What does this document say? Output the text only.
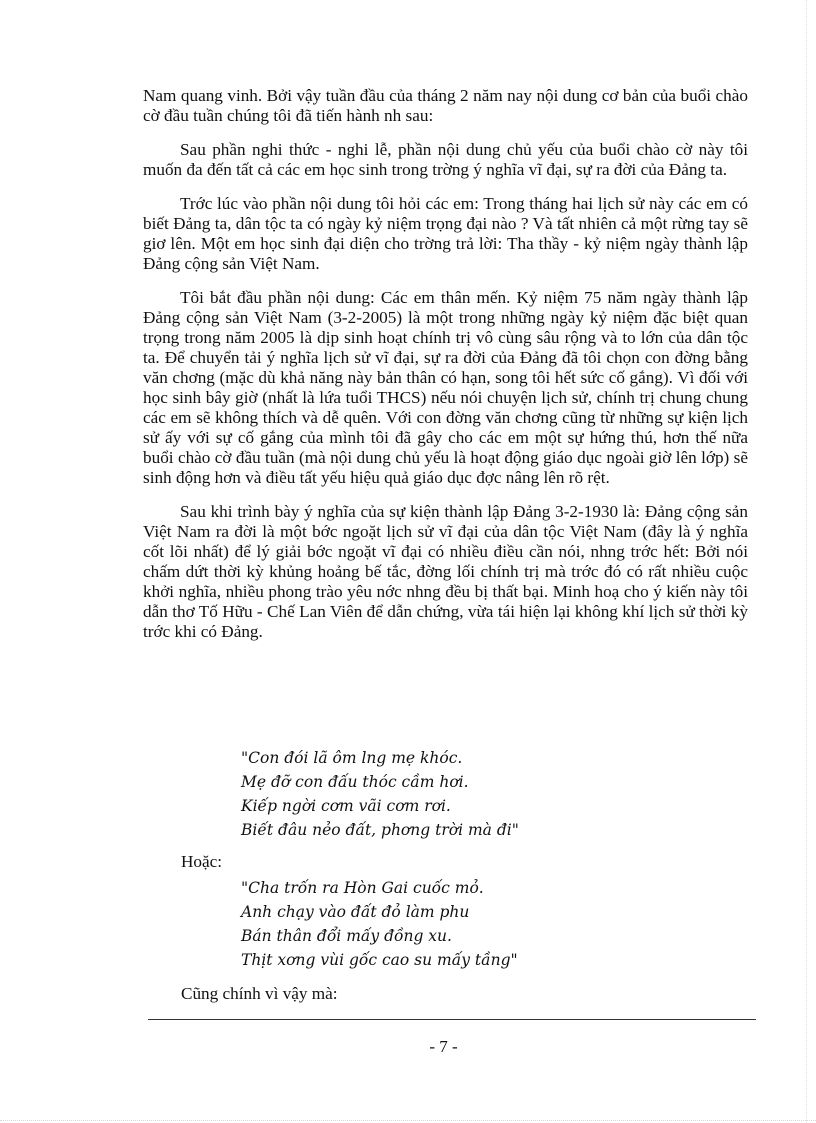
Nam quang vinh. Bởi vậy tuần đầu của tháng 2 năm nay nội dung cơ bản của buổi chào cờ đầu tuần chúng tôi đã tiến hành nh sau:

Sau phần nghi thức - nghi lễ, phần nội dung chủ yếu của buổi chào cờ này tôi muốn đa đến tất cả các em học sinh trong trờng ý nghĩa vĩ đại, sự ra đời của Đảng ta.

Trớc lúc vào phần nội dung tôi hỏi các em: Trong tháng hai lịch sử này các em có biết Đảng ta, dân tộc ta có ngày kỷ niệm trọng đại nào ? Và tất nhiên cả một rừng tay sẽ giơ lên. Một em học sinh đại diện cho trờng trả lời: Tha thầy - kỷ niệm ngày thành lập Đảng cộng sản Việt Nam.

Tôi bắt đầu phần nội dung: Các em thân mến. Kỷ niệm 75 năm ngày thành lập Đảng cộng sản Việt Nam (3-2-2005) là một trong những ngày kỷ niệm đặc biệt quan trọng trong năm 2005 là dịp sinh hoạt chính trị vô cùng sâu rộng và to lớn của dân tộc ta. Để chuyển tải ý nghĩa lịch sử vĩ đại, sự ra đời của Đảng đã tôi chọn con đờng bằng văn chơng (mặc dù khả năng này bản thân có hạn, song tôi hết sức cố gắng). Vì đối với học sinh bây giờ (nhất là lứa tuổi THCS) nếu nói chuyện lịch sử, chính trị chung chung các em sẽ không thích và dễ quên. Với con đờng văn chơng cũng từ những sự kiện lịch sử ấy với sự cố gắng của mình tôi đã gây cho các em một sự hứng thú, hơn thế nữa buổi chào cờ đầu tuần (mà nội dung chủ yếu là hoạt động giáo dục ngoài giờ lên lớp) sẽ sinh động hơn và điều tất yếu hiệu quả giáo dục đợc nâng lên rõ rệt.

Sau khi trình bày ý nghĩa của sự kiện thành lập Đảng 3-2-1930 là: Đảng cộng sản Việt Nam ra đời là một bớc ngoặt lịch sử vĩ đại của dân tộc Việt Nam (đây là ý nghĩa cốt lõi nhất) để lý giải bớc ngoặt vĩ đại có nhiều điều cần nói, nhng trớc hết: Bởi nói chấm dứt thời kỳ khủng hoảng bế tắc, đờng lối chính trị mà trớc đó có rất nhiều cuộc khởi nghĩa, nhiều phong trào yêu nớc nhng đều bị thất bại. Minh hoạ cho ý kiến này tôi dẫn thơ Tố Hữu - Chế Lan Viên để dẫn chứng, vừa tái hiện lại không khí lịch sử thời kỳ trớc khi có Đảng.

"Con đói lã ôm lng mẹ khóc.
Mẹ đỡ con đấu thóc cầm hơi.
Kiếp ngời cơm vãi cơm rơi.
Biết đâu nẻo đất, phơng trời mà đi"
Hoặc:
"Cha trốn ra Hòn Gai cuốc mỏ.
Anh chạy vào đất đỏ làm phu
Bán thân đổi mấy đồng xu.
Thịt xơng vùi gốc cao su mấy tầng"
Cũng chính vì vậy mà:
- 7 -
